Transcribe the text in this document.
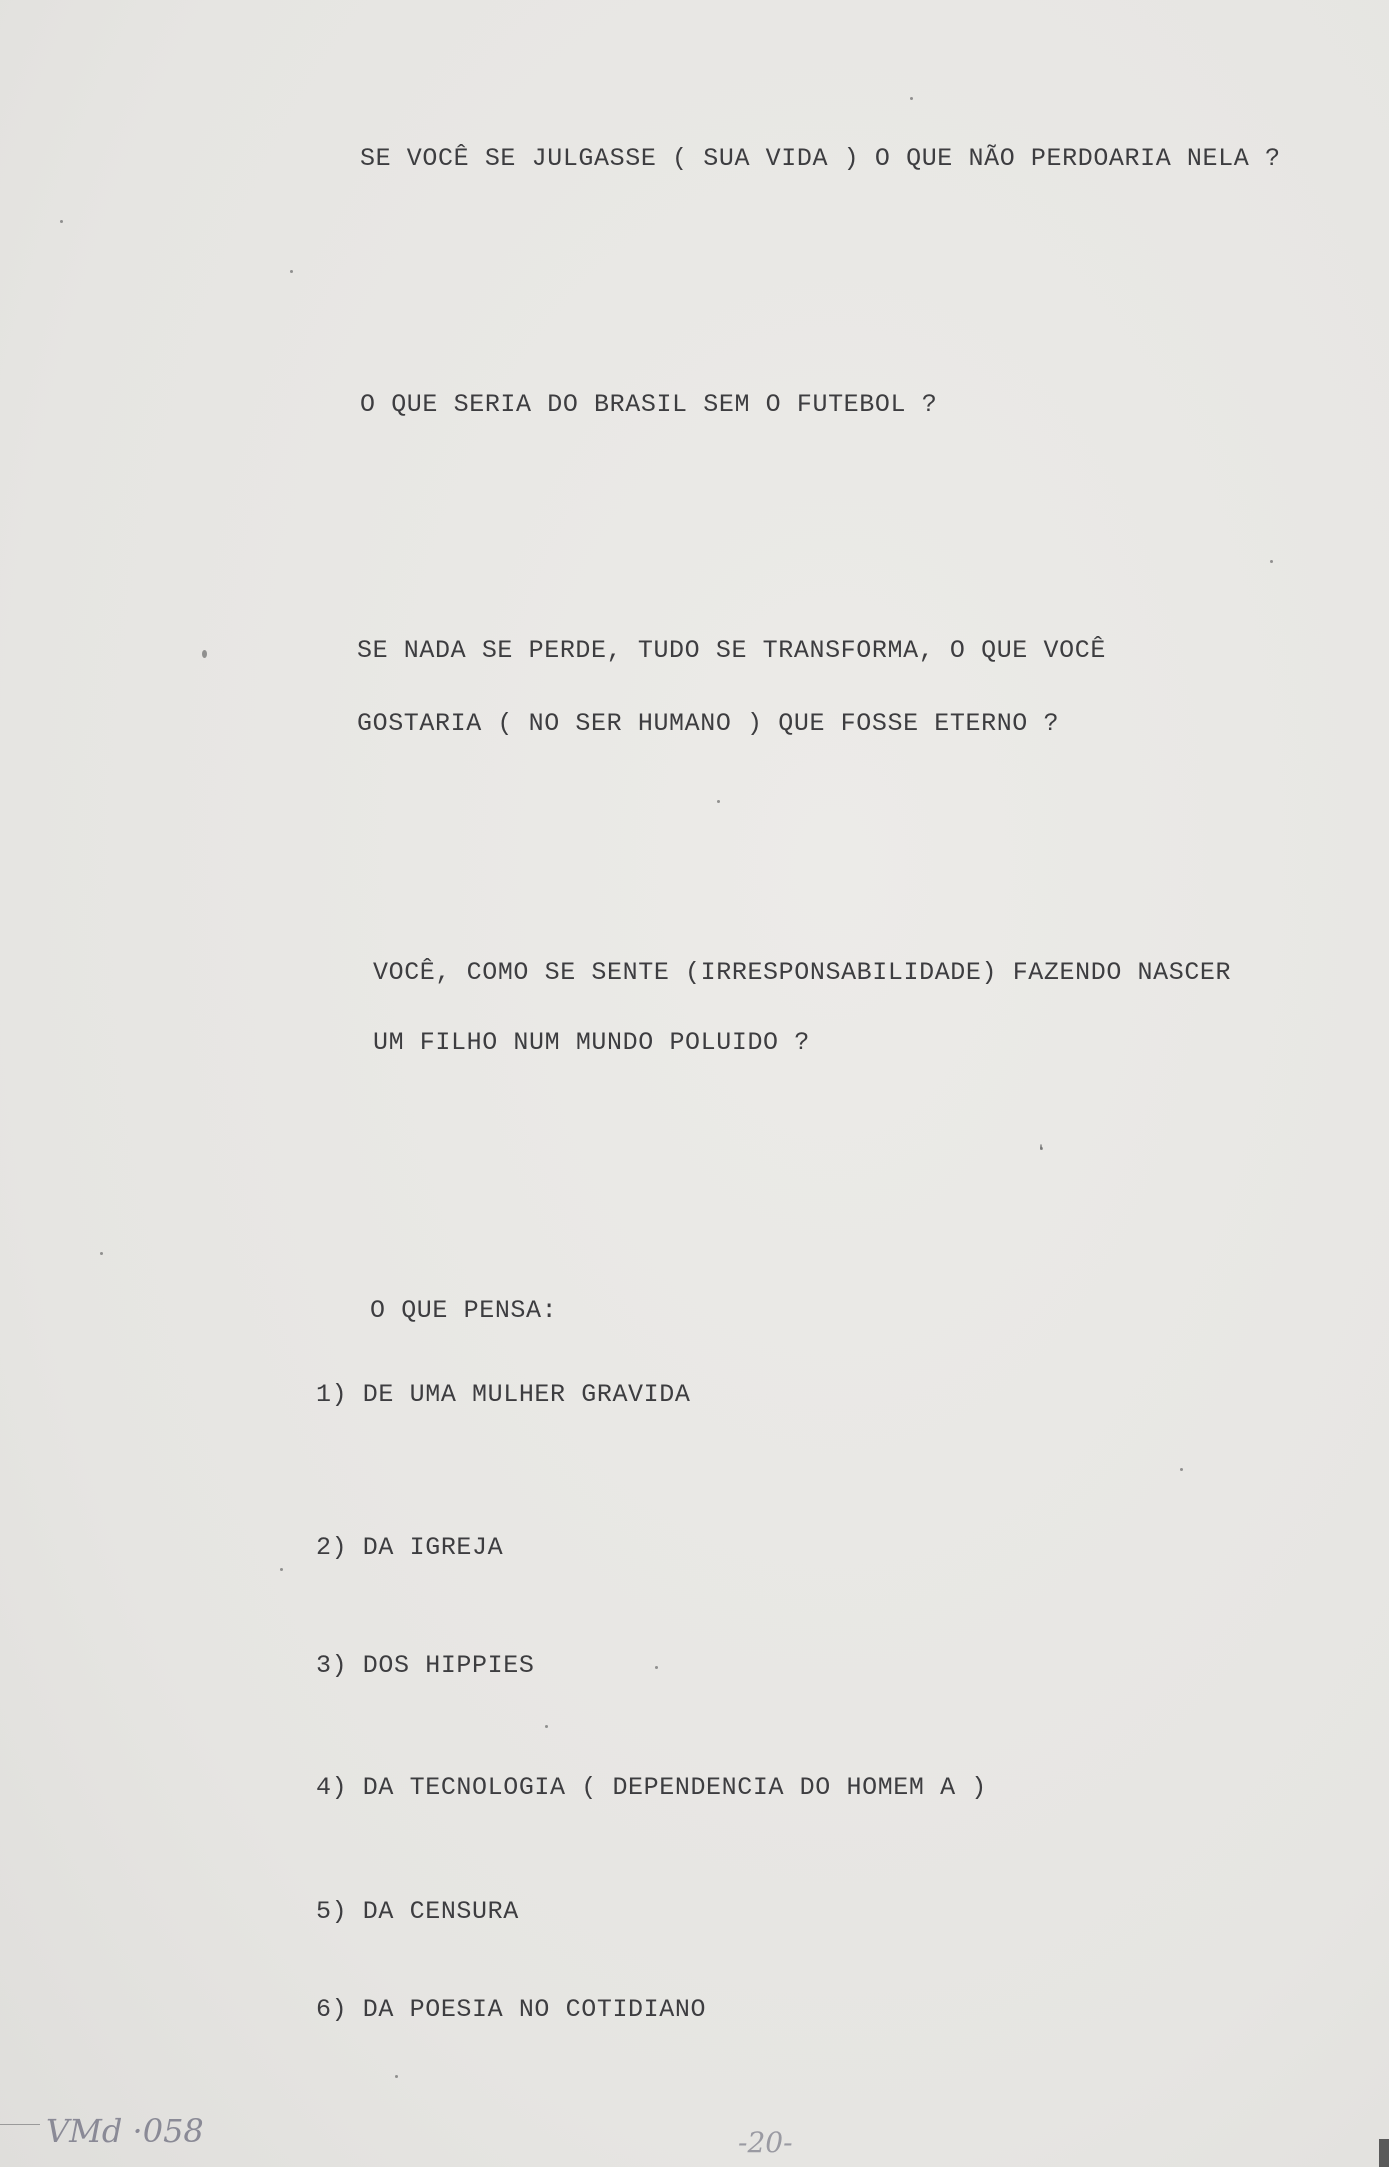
SE VOCÊ SE JULGASSE ( SUA VIDA ) O QUE NÃO PERDOARIA NELA ?

O QUE SERIA DO BRASIL SEM O FUTEBOL ?

SE NADA SE PERDE, TUDO SE TRANSFORMA, O QUE VOCÊ

GOSTARIA ( NO SER HUMANO ) QUE FOSSE ETERNO ?

VOCÊ, COMO SE SENTE (IRRESPONSABILIDADE) FAZENDO NASCER

UM FILHO NUM MUNDO POLUIDO ?

O QUE PENSA:

1) DE UMA MULHER GRAVIDA

2) DA IGREJA

3) DOS HIPPIES

4) DA TECNOLOGIA ( DEPENDENCIA DO HOMEM A )

5) DA CENSURA

6) DA POESIA NO COTIDIANO

VMd ·058	-20-
